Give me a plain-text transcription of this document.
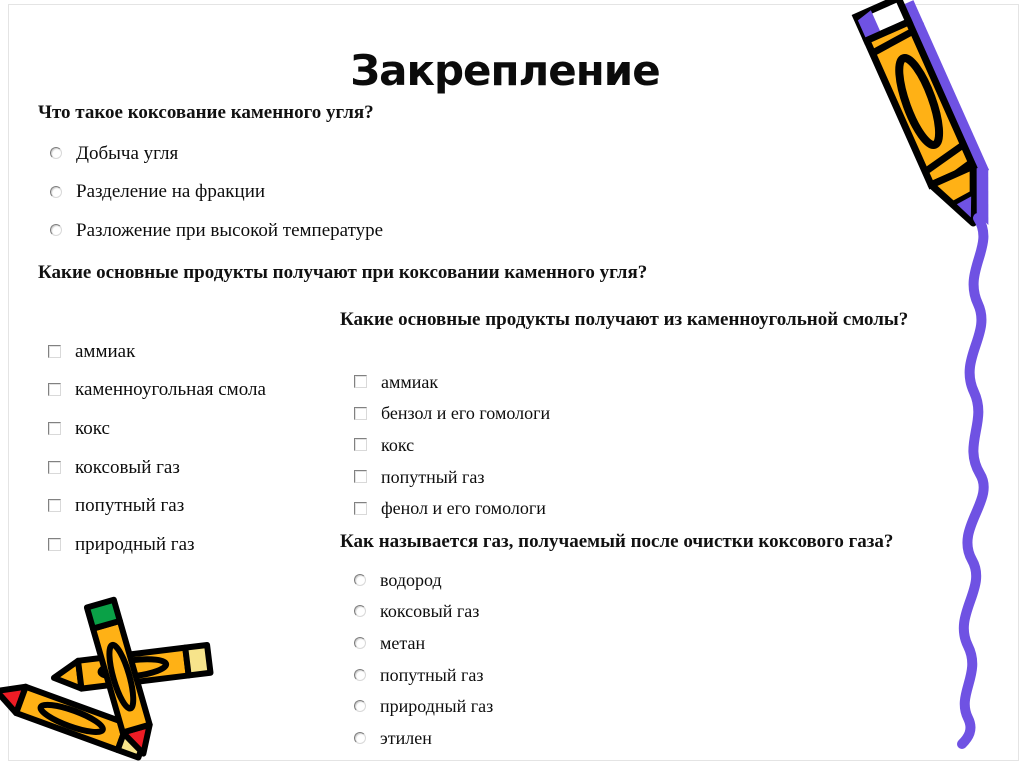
Закрепление
Что такое коксование каменного угля?
Добыча угля
Разделение на фракции
Разложение при высокой температуре
Какие основные продукты получают при коксовании каменного угля?
аммиак
каменноугольная смола
кокс
коксовый газ
попутный газ
природный газ
Какие основные продукты получают из каменноугольной смолы?
аммиак
бензол и его гомологи
кокс
попутный газ
фенол и его гомологи
Как называется газ, получаемый после очистки коксового газа?
водород
коксовый газ
метан
попутный газ
природный газ
этилен
